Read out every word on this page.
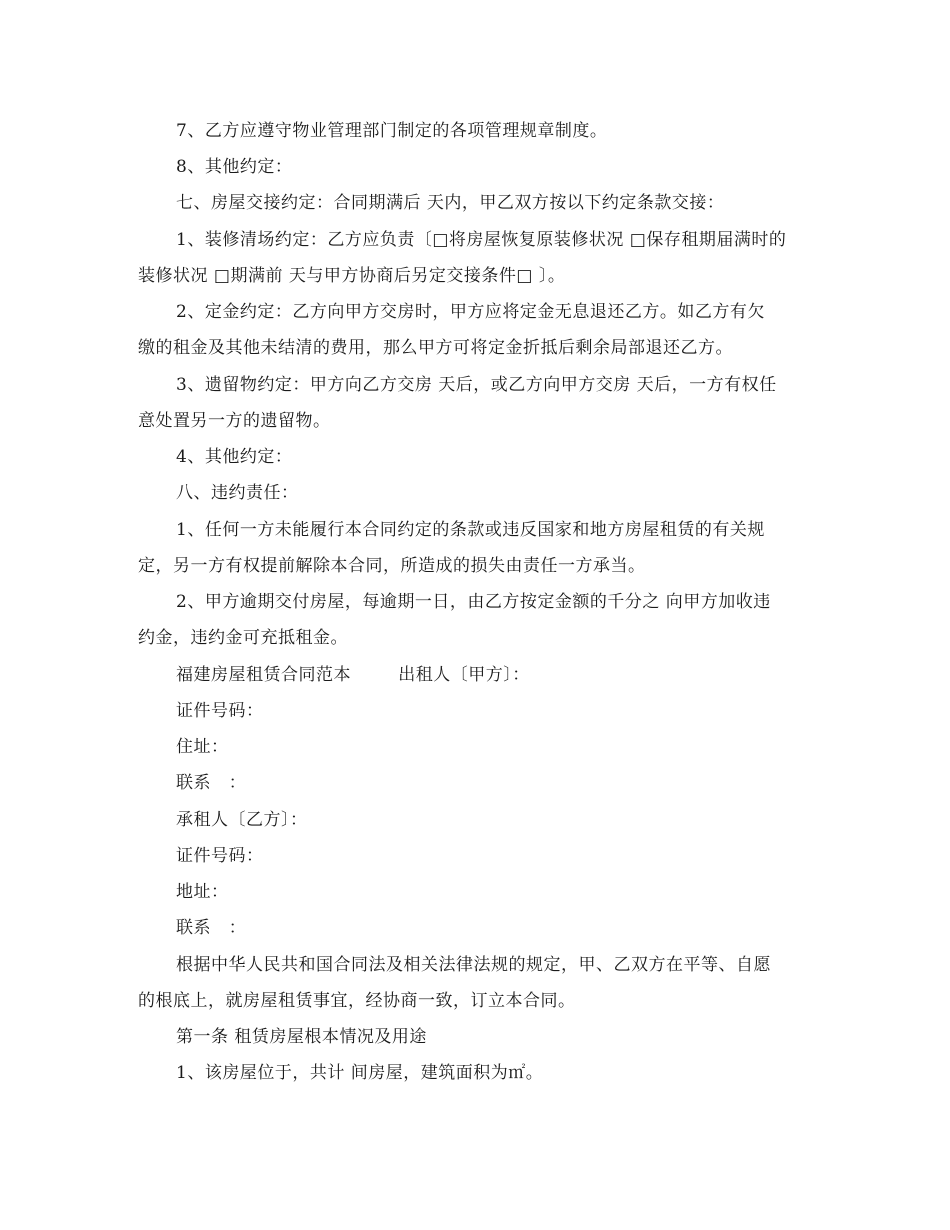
7、乙方应遵守物业管理部门制定的各项管理规章制度。
8、其他约定：
七、房屋交接约定：合同期满后 天内，甲乙双方按以下约定条款交接：
1、装修清场约定：乙方应负责〔□将房屋恢复原装修状况 □保存租期届满时的
装修状况 □期满前 天与甲方协商后另定交接条件□ 〕。
2、定金约定：乙方向甲方交房时，甲方应将定金无息退还乙方。如乙方有欠
缴的租金及其他未结清的费用，那么甲方可将定金折抵后剩余局部退还乙方。
3、遗留物约定：甲方向乙方交房 天后，或乙方向甲方交房 天后，一方有权任
意处置另一方的遗留物。
4、其他约定：
八、违约责任：
1、任何一方未能履行本合同约定的条款或违反国家和地方房屋租赁的有关规
定，另一方有权提前解除本合同，所造成的损失由责任一方承当。
2、甲方逾期交付房屋，每逾期一日，由乙方按定金额的千分之 向甲方加收违
约金，违约金可充抵租金。
福建房屋租赁合同范本        出租人〔甲方〕：
证件号码：
住址：
联系   ：
承租人〔乙方〕：
证件号码：
地址：
联系   ：
根据中华人民共和国合同法及相关法律法规的规定，甲、乙双方在平等、自愿
的根底上，就房屋租赁事宜，经协商一致，订立本合同。
第一条 租赁房屋根本情况及用途
1、该房屋位于，共计 间房屋，建筑面积为㎡。
